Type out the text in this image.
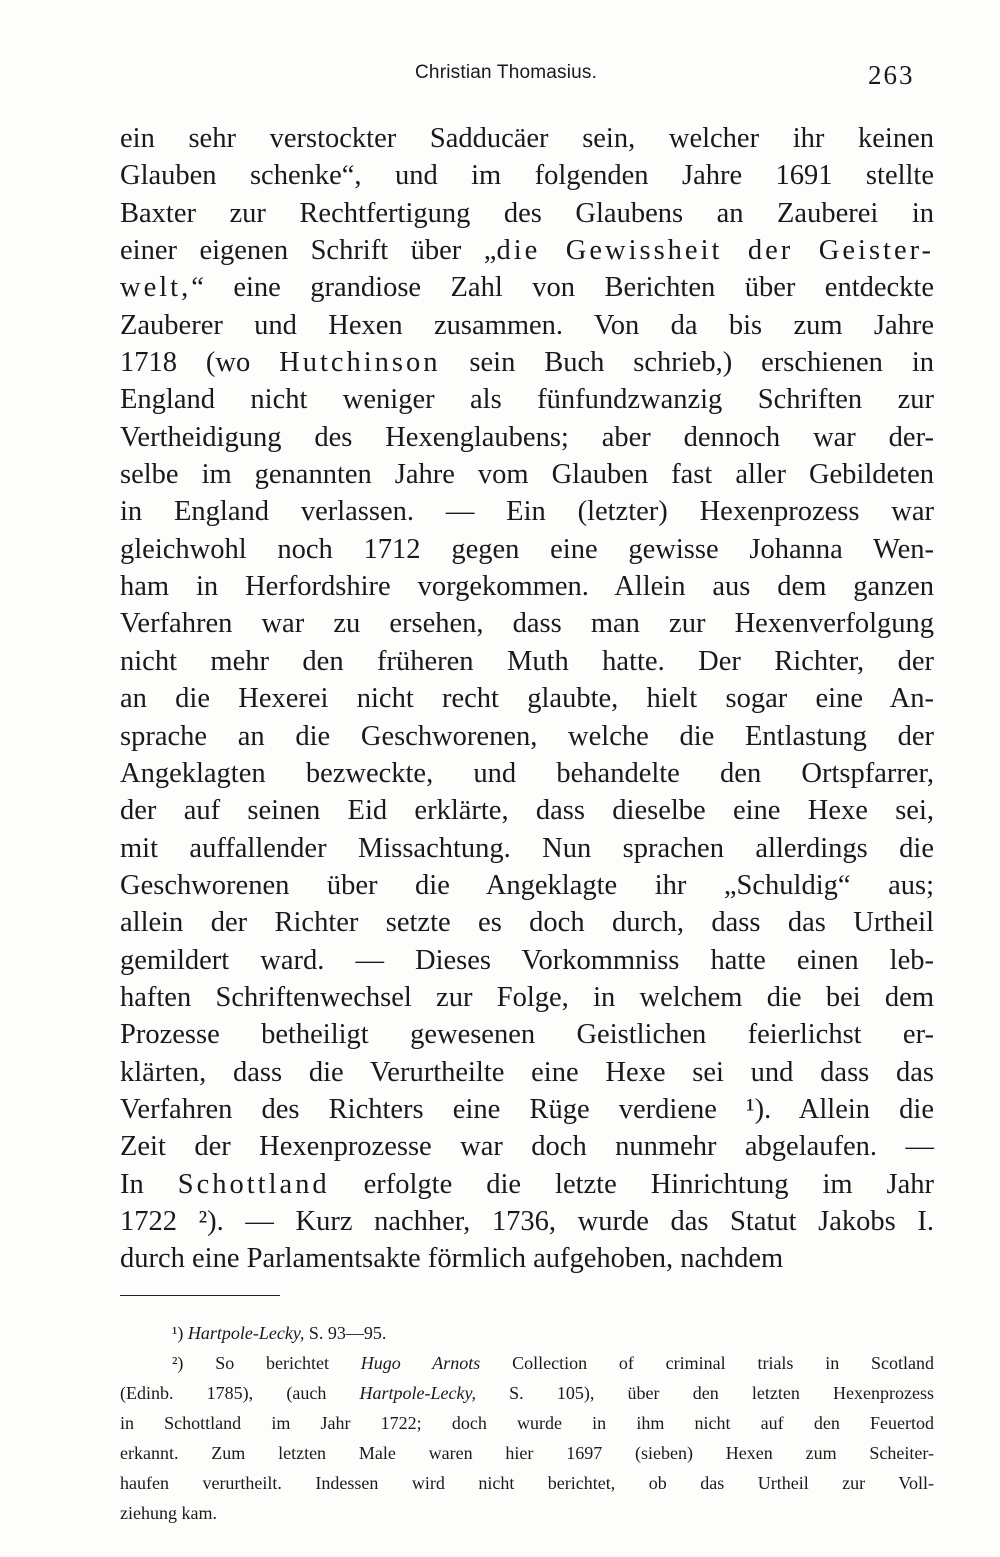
Christian Thomasius.	263
ein sehr verstockter Sadducäer sein, welcher ihr keinen
Glauben schenke“, und im folgenden Jahre 1691 stellte
Baxter zur Rechtfertigung des Glaubens an Zauberei in
einer eigenen Schrift über „die Gewissheit der Geister-
welt,“ eine grandiose Zahl von Berichten über entdeckte
Zauberer und Hexen zusammen. Von da bis zum Jahre
1718 (wo Hutchinson sein Buch schrieb,) erschienen in
England nicht weniger als fünfundzwanzig Schriften zur
Vertheidigung des Hexenglaubens; aber dennoch war der-
selbe im genannten Jahre vom Glauben fast aller Gebildeten
in England verlassen. — Ein (letzter) Hexenprozess war
gleichwohl noch 1712 gegen eine gewisse Johanna Wen-
ham in Herfordshire vorgekommen. Allein aus dem ganzen
Verfahren war zu ersehen, dass man zur Hexenverfolgung
nicht mehr den früheren Muth hatte. Der Richter, der
an die Hexerei nicht recht glaubte, hielt sogar eine An-
sprache an die Geschworenen, welche die Entlastung der
Angeklagten bezweckte, und behandelte den Ortspfarrer,
der auf seinen Eid erklärte, dass dieselbe eine Hexe sei,
mit auffallender Missachtung. Nun sprachen allerdings die
Geschworenen über die Angeklagte ihr „Schuldig“ aus;
allein der Richter setzte es doch durch, dass das Urtheil
gemildert ward. — Dieses Vorkommniss hatte einen leb-
haften Schriftenwechsel zur Folge, in welchem die bei dem
Prozesse betheiligt gewesenen Geistlichen feierlichst er-
klärten, dass die Verurtheilte eine Hexe sei und dass das
Verfahren des Richters eine Rüge verdiene ¹). Allein die
Zeit der Hexenprozesse war doch nunmehr abgelaufen. —
In Schottland erfolgte die letzte Hinrichtung im Jahr
1722 ²). — Kurz nachher, 1736, wurde das Statut Jakobs I.
durch eine Parlamentsakte förmlich aufgehoben, nachdem
¹) Hartpole-Lecky, S. 93—95.
²) So berichtet Hugo Arnots Collection of criminal trials in Scotland
(Edinb. 1785), (auch Hartpole-Lecky, S. 105), über den letzten Hexenprozess
in Schottland im Jahr 1722; doch wurde in ihm nicht auf den Feuertod
erkannt. Zum letzten Male waren hier 1697 (sieben) Hexen zum Scheiter-
haufen verurtheilt. Indessen wird nicht berichtet, ob das Urtheil zur Voll-
ziehung kam.
